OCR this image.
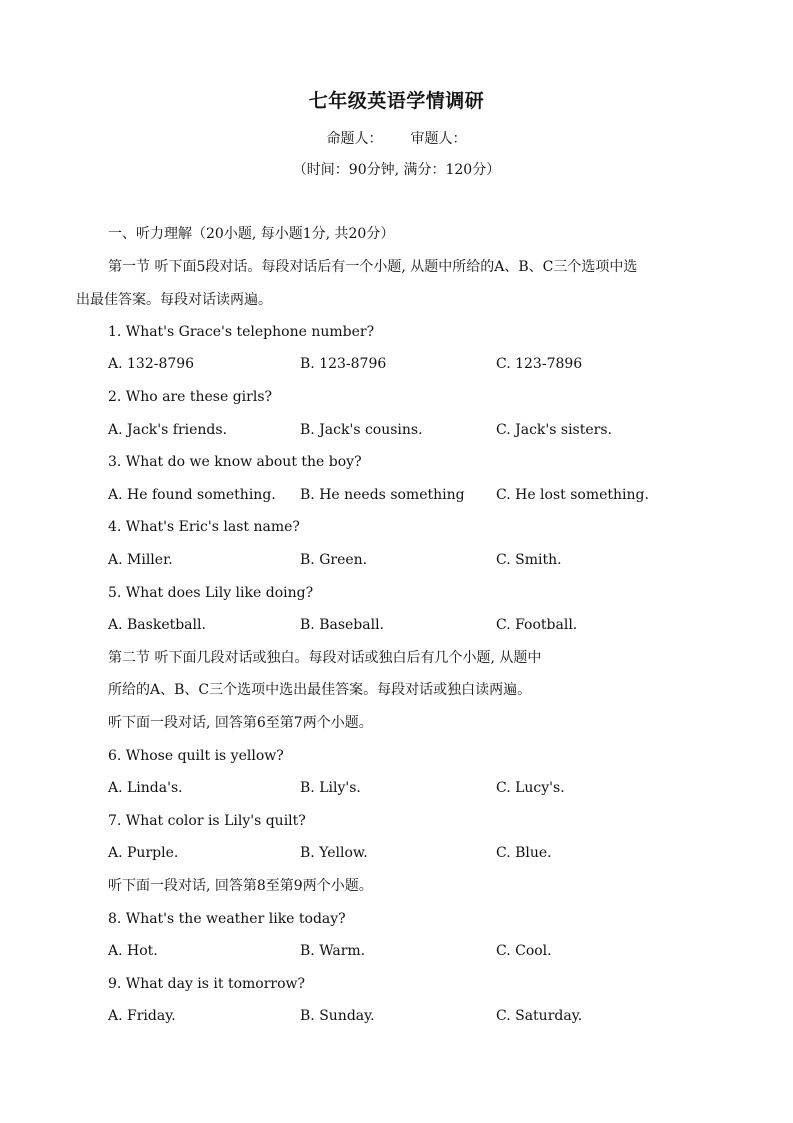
七年级英语学情调研
命题人： 审题人：
（时间：90分钟, 满分：120分）
一、听力理解（20小题, 每小题1分, 共20分）
第一节 听下面5段对话。每段对话后有一个小题, 从题中所给的A、B、C三个选项中选
出最佳答案。每段对话读两遍。
1. What's Grace's telephone number?
A. 132-8796	B. 123-8796	C. 123-7896
2. Who are these girls?
A. Jack's friends.	B. Jack's cousins.	C. Jack's sisters.
3. What do we know about the boy?
A. He found something. B. He needs something C. He lost something.
4. What's Eric's last name?
A. Miller.	B. Green.	C. Smith.
5. What does Lily like doing?
A. Basketball.	B. Baseball.	C. Football.
第二节 听下面几段对话或独白。每段对话或独白后有几个小题, 从题中
所给的A、B、C三个选项中选出最佳答案。每段对话或独白读两遍。
听下面一段对话, 回答第6至第7两个小题。
6. Whose quilt is yellow?
A. Linda's.	B. Lily's.	C. Lucy's.
7. What color is Lily's quilt?
A. Purple.	B. Yellow.	C. Blue.
听下面一段对话, 回答第8至第9两个小题。
8. What's the weather like today?
A. Hot.	B. Warm.	C. Cool.
9. What day is it tomorrow?
A. Friday.	B. Sunday.	C. Saturday.
